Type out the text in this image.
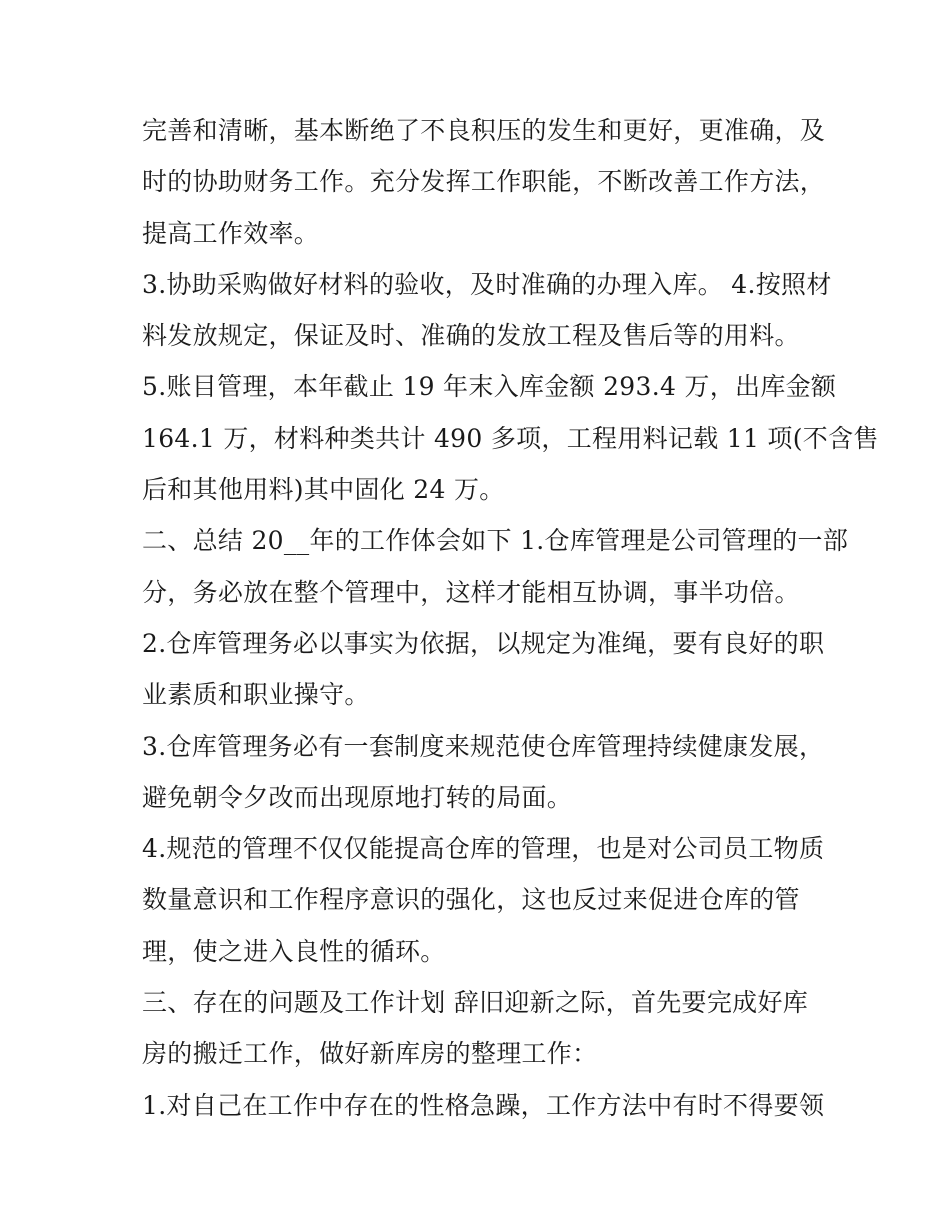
完善和清晰，基本断绝了不良积压的发生和更好，更准确，及
时的协助财务工作。充分发挥工作职能，不断改善工作方法，
提高工作效率。
3.协助采购做好材料的验收，及时准确的办理入库。 4.按照材
料发放规定，保证及时、准确的发放工程及售后等的用料。
5.账目管理，本年截止 19 年末入库金额 293.4 万，出库金额
164.1 万，材料种类共计 490 多项，工程用料记载 11 项(不含售
后和其他用料)其中固化 24 万。
二、总结 20__年的工作体会如下 1.仓库管理是公司管理的一部
分，务必放在整个管理中，这样才能相互协调，事半功倍。
2.仓库管理务必以事实为依据，以规定为准绳，要有良好的职
业素质和职业操守。
3.仓库管理务必有一套制度来规范使仓库管理持续健康发展，
避免朝令夕改而出现原地打转的局面。
4.规范的管理不仅仅能提高仓库的管理，也是对公司员工物质
数量意识和工作程序意识的强化，这也反过来促进仓库的管
理，使之进入良性的循环。
三、存在的问题及工作计划 辞旧迎新之际，首先要完成好库
房的搬迁工作，做好新库房的整理工作：
1.对自己在工作中存在的性格急躁，工作方法中有时不得要领
